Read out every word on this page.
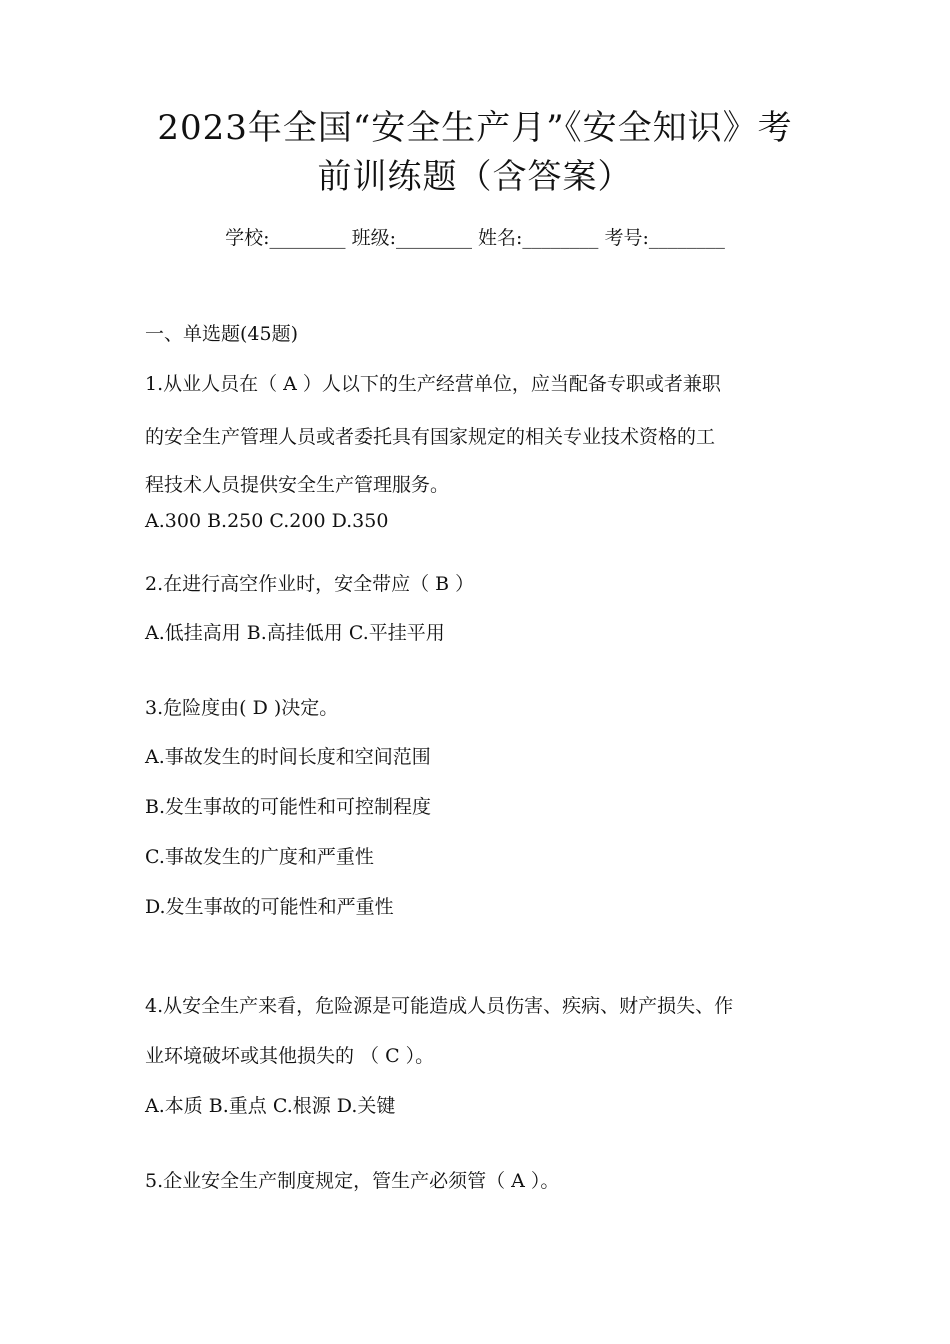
2023年全国“安全生产月”《安全知识》考
前训练题（含答案）
学校:________ 班级:________ 姓名:________ 考号:________
一、单选题(45题)
1.从业人员在（ A ）人以下的生产经营单位，应当配备专职或者兼职
的安全生产管理人员或者委托具有国家规定的相关专业技术资格的工
程技术人员提供安全生产管理服务。
A.300 B.250 C.200 D.350
2.在进行高空作业时，安全带应（ B ）
A.低挂高用 B.高挂低用 C.平挂平用
3.危险度由( D )决定。
A.事故发生的时间长度和空间范围
B.发生事故的可能性和可控制程度
C.事故发生的广度和严重性
D.发生事故的可能性和严重性
4.从安全生产来看，危险源是可能造成人员伤害、疾病、财产损失、作
业环境破坏或其他损失的 （ C ）。
A.本质 B.重点 C.根源 D.关键
5.企业安全生产制度规定，管生产必须管（ A ）。
